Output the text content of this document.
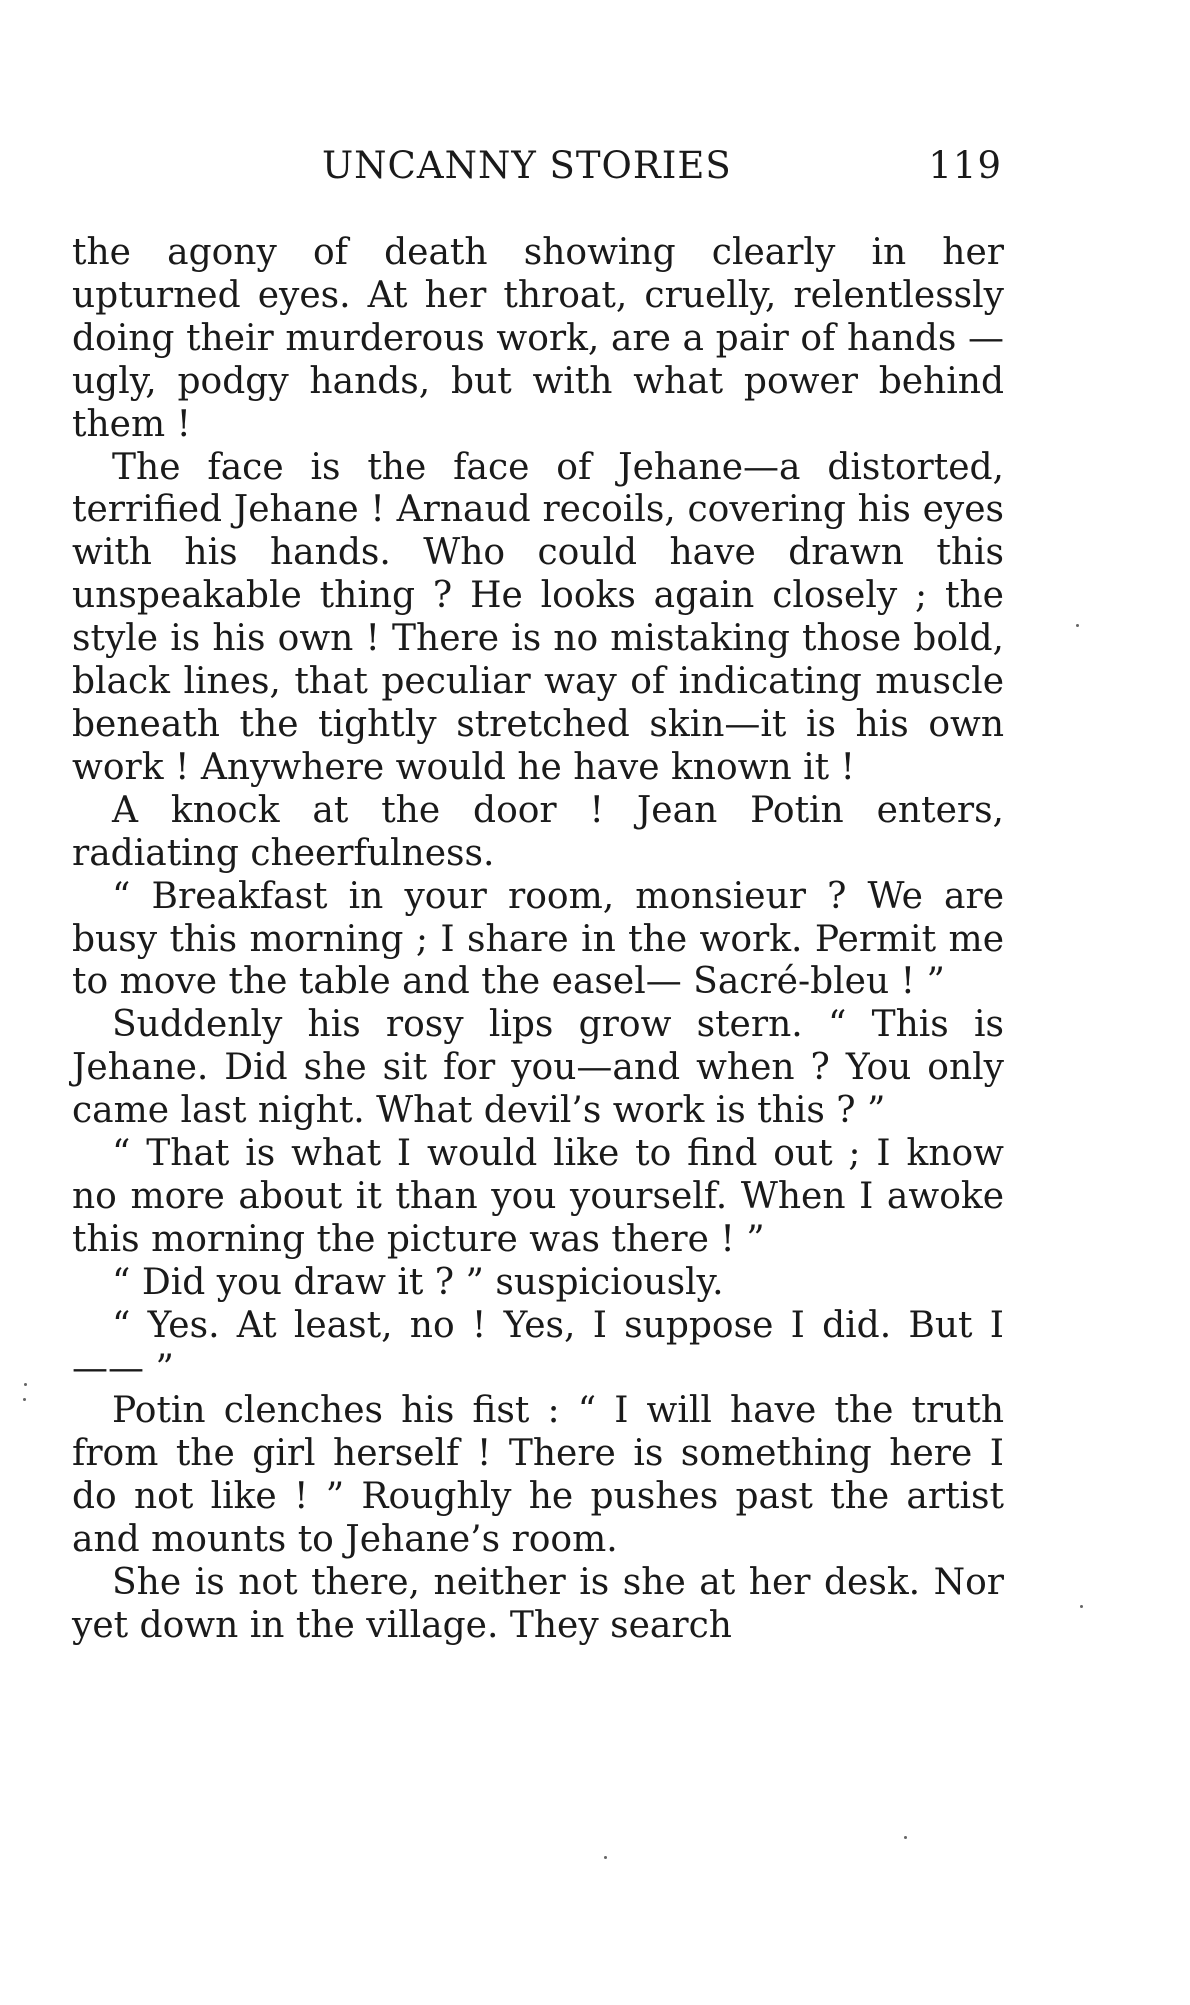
UNCANNY STORIES	119

the agony of death showing clearly in her upturned eyes. At her throat, cruelly, relentlessly doing their murderous work, are a pair of hands —ugly, podgy hands, but with what power behind them !

The face is the face of Jehane—a distorted, terrified Jehane ! Arnaud recoils, covering his eyes with his hands. Who could have drawn this unspeakable thing ? He looks again closely ; the style is his own ! There is no mistaking those bold, black lines, that peculiar way of indicating muscle beneath the tightly stretched skin—it is his own work ! Anywhere would he have known it !

A knock at the door ! Jean Potin enters, radiating cheerfulness.

“ Breakfast in your room, monsieur ? We are busy this morning ; I share in the work. Permit me to move the table and the easel— Sacré-bleu ! ”

Suddenly his rosy lips grow stern. “ This is Jehane. Did she sit for you—and when ? You only came last night. What devil’s work is this ? ”

“ That is what I would like to find out ; I know no more about it than you yourself. When I awoke this morning the picture was there ! ”

“ Did you draw it ? ” suspiciously.

“ Yes. At least, no ! Yes, I suppose I did. But I—— ”

Potin clenches his fist : “ I will have the truth from the girl herself ! There is something here I do not like ! ” Roughly he pushes past the artist and mounts to Jehane’s room.

She is not there, neither is she at her desk. Nor yet down in the village. They search
